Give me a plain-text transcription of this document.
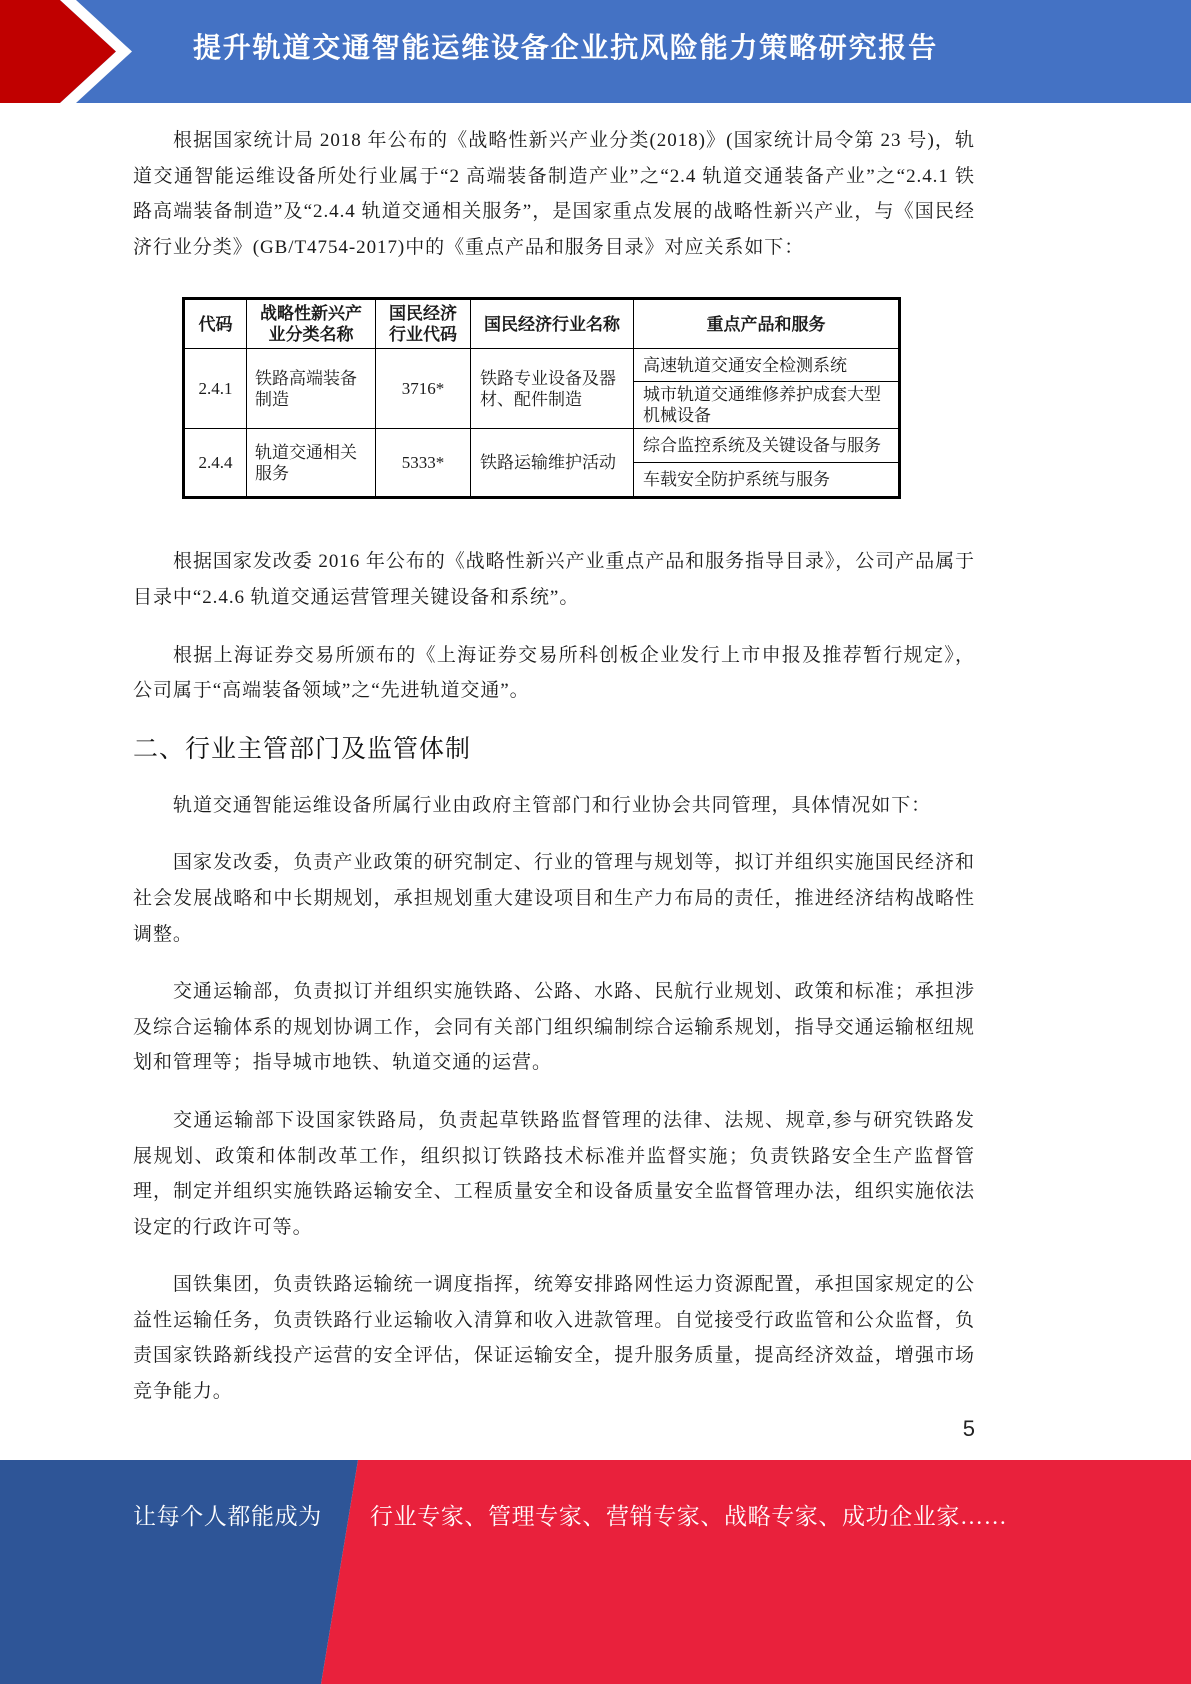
提升轨道交通智能运维设备企业抗风险能力策略研究报告

根据国家统计局 2018 年公布的《战略性新兴产业分类(2018)》(国家统计局令第 23 号)，轨道交通智能运维设备所处行业属于“2 高端装备制造产业”之“2.4 轨道交通装备产业”之“2.4.1 铁路高端装备制造”及“2.4.4 轨道交通相关服务”，是国家重点发展的战略性新兴产业，与《国民经济行业分类》(GB/T4754-2017)中的《重点产品和服务目录》对应关系如下：

代码	战略性新兴产业分类名称	国民经济行业代码	国民经济行业名称	重点产品和服务
2.4.1	铁路高端装备制造	3716*	铁路专业设备及器材、配件制造	高速轨道交通安全检测系统
				城市轨道交通维修养护成套大型机械设备
2.4.4	轨道交通相关服务	5333*	铁路运输维护活动	综合监控系统及关键设备与服务
				车载安全防护系统与服务

根据国家发改委 2016 年公布的《战略性新兴产业重点产品和服务指导目录》，公司产品属于目录中“2.4.6 轨道交通运营管理关键设备和系统”。

根据上海证券交易所颁布的《上海证券交易所科创板企业发行上市申报及推荐暂行规定》，公司属于“高端装备领域”之“先进轨道交通”。

二、行业主管部门及监管体制

轨道交通智能运维设备所属行业由政府主管部门和行业协会共同管理，具体情况如下：

国家发改委，负责产业政策的研究制定、行业的管理与规划等，拟订并组织实施国民经济和社会发展战略和中长期规划，承担规划重大建设项目和生产力布局的责任，推进经济结构战略性调整。

交通运输部，负责拟订并组织实施铁路、公路、水路、民航行业规划、政策和标准；承担涉及综合运输体系的规划协调工作，会同有关部门组织编制综合运输系规划，指导交通运输枢纽规划和管理等；指导城市地铁、轨道交通的运营。

交通运输部下设国家铁路局，负责起草铁路监督管理的法律、法规、规章,参与研究铁路发展规划、政策和体制改革工作，组织拟订铁路技术标准并监督实施；负责铁路安全生产监督管理，制定并组织实施铁路运输安全、工程质量安全和设备质量安全监督管理办法，组织实施依法设定的行政许可等。

国铁集团，负责铁路运输统一调度指挥，统筹安排路网性运力资源配置，承担国家规定的公益性运输任务，负责铁路行业运输收入清算和收入进款管理。自觉接受行政监管和公众监督，负责国家铁路新线投产运营的安全评估，保证运输安全，提升服务质量，提高经济效益，增强市场竞争能力。

5
让每个人都能成为 行业专家、管理专家、营销专家、战略专家、成功企业家……
